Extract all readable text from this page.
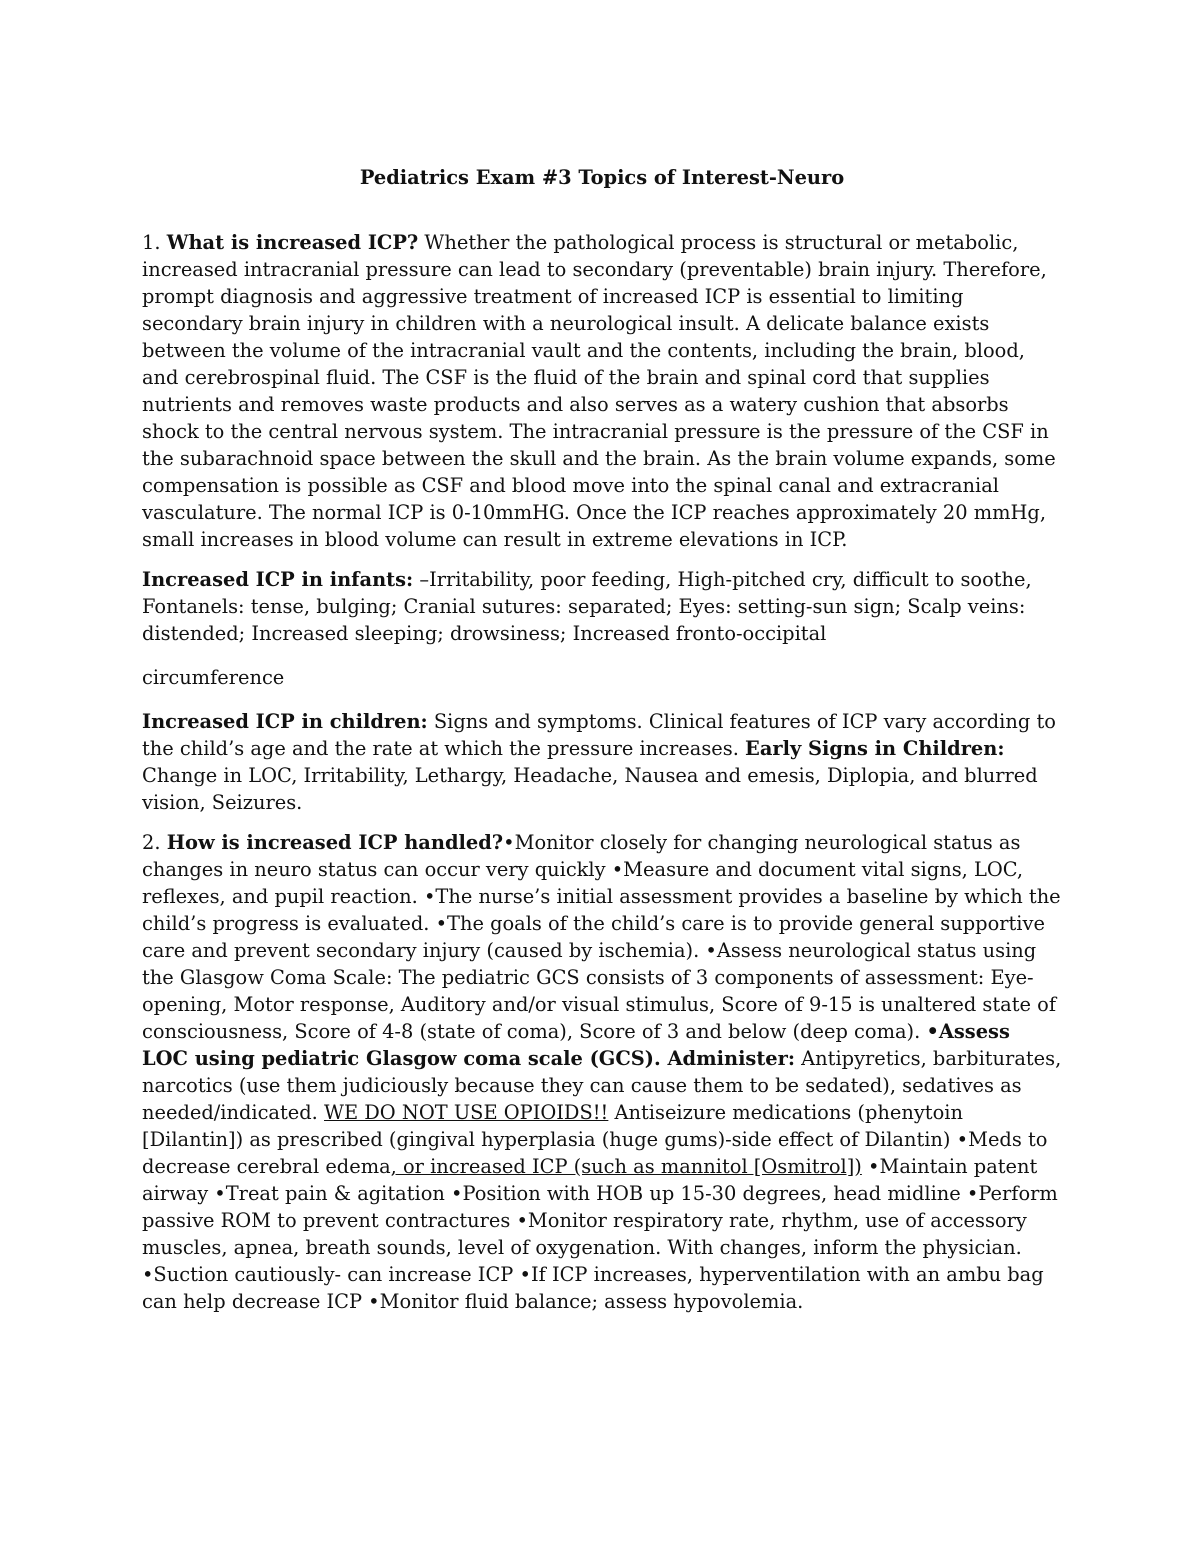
Pediatrics Exam #3 Topics of Interest-Neuro

1. What is increased ICP? Whether the pathological process is structural or metabolic, increased intracranial pressure can lead to secondary (preventable) brain injury. Therefore, prompt diagnosis and aggressive treatment of increased ICP is essential to limiting secondary brain injury in children with a neurological insult. A delicate balance exists between the volume of the intracranial vault and the contents, including the brain, blood, and cerebrospinal fluid. The CSF is the fluid of the brain and spinal cord that supplies nutrients and removes waste products and also serves as a watery cushion that absorbs shock to the central nervous system. The intracranial pressure is the pressure of the CSF in the subarachnoid space between the skull and the brain. As the brain volume expands, some compensation is possible as CSF and blood move into the spinal canal and extracranial vasculature. The normal ICP is 0-10mmHG. Once the ICP reaches approximately 20 mmHg, small increases in blood volume can result in extreme elevations in ICP.

Increased ICP in infants: –Irritability, poor feeding, High-pitched cry, difficult to soothe, Fontanels: tense, bulging; Cranial sutures: separated; Eyes: setting-sun sign; Scalp veins: distended; Increased sleeping; drowsiness; Increased fronto-occipital

circumference

Increased ICP in children: Signs and symptoms. Clinical features of ICP vary according to the child’s age and the rate at which the pressure increases. Early Signs in Children: Change in LOC, Irritability, Lethargy, Headache, Nausea and emesis, Diplopia, and blurred vision, Seizures.

2. How is increased ICP handled?•Monitor closely for changing neurological status as changes in neuro status can occur very quickly •Measure and document vital signs, LOC, reflexes, and pupil reaction. •The nurse’s initial assessment provides a baseline by which the child’s progress is evaluated. •The goals of the child’s care is to provide general supportive care and prevent secondary injury (caused by ischemia). •Assess neurological status using the Glasgow Coma Scale: The pediatric GCS consists of 3 components of assessment: Eye-opening, Motor response, Auditory and/or visual stimulus, Score of 9-15 is unaltered state of consciousness, Score of 4-8 (state of coma), Score of 3 and below (deep coma). •Assess LOC using pediatric Glasgow coma scale (GCS). Administer: Antipyretics, barbiturates, narcotics (use them judiciously because they can cause them to be sedated), sedatives as needed/indicated. WE DO NOT USE OPIOIDS!! Antiseizure medications (phenytoin [Dilantin]) as prescribed (gingival hyperplasia (huge gums)-side effect of Dilantin) •Meds to decrease cerebral edema, or increased ICP (such as mannitol [Osmitrol]) •Maintain patent airway •Treat pain & agitation •Position with HOB up 15-30 degrees, head midline •Perform passive ROM to prevent contractures •Monitor respiratory rate, rhythm, use of accessory muscles, apnea, breath sounds, level of oxygenation. With changes, inform the physician. •Suction cautiously- can increase ICP •If ICP increases, hyperventilation with an ambu bag can help decrease ICP •Monitor fluid balance; assess hypovolemia.
